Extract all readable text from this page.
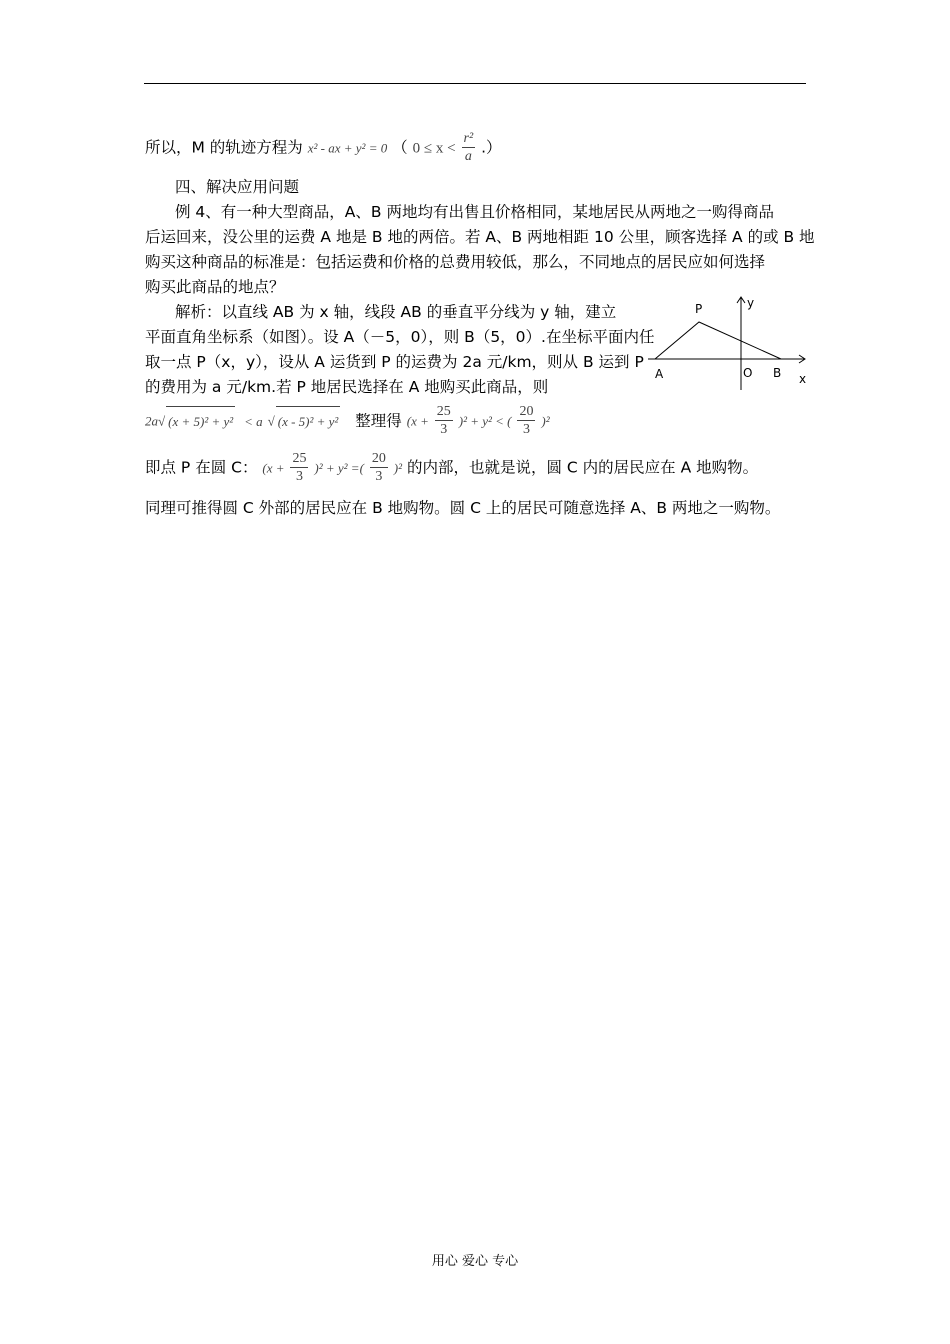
所以，M 的轨迹方程为 x² - ax + y² = 0 （ $0 \le x < \frac{\text{r²}}{a}$ .）
四、解决应用问题
例 4、有一种大型商品，A、B 两地均有出售且价格相同，某地居民从两地之一购得商品
后运回来，没公里的运费 A 地是 B 地的两倍。若 A、B 两地相距 10 公里，顾客选择 A 的或 B 地
购买这种商品的标准是：包括运费和价格的总费用较低，那么，不同地点的居民应如何选择
购买此商品的地点？
解析：以直线 AB 为 x 轴，线段 AB 的垂直平分线为 y 轴，建立
平面直角坐标系（如图）。设 A（－5，0），则 B（5，0）.在坐标平面内任
取一点 P（x，y），设从 A 运货到 P 的运费为 2a 元/km，则从 B 运到 P
的费用为 a 元/km.若 P 地居民选择在 A 地购买此商品，则
P	y
A	O B x
2a√ (x + 5)² + y² < a √ (x - 5)² + y² 整理得 $(x + \frac{25}{3} )^2 + y^2$ < ( $\frac{20}{3} )^2$
即点 P 在圆 C： $(x + \frac{25}{3} )^2 + y^2$ =( $\frac{20}{3} )^2$ 的内部，也就是说，圆 C 内的居民应在 A 地购物。
同理可推得圆 C 外部的居民应在 B 地购物。圆 C 上的居民可随意选择 A、B 两地之一购物。
用心 爱心 专心
